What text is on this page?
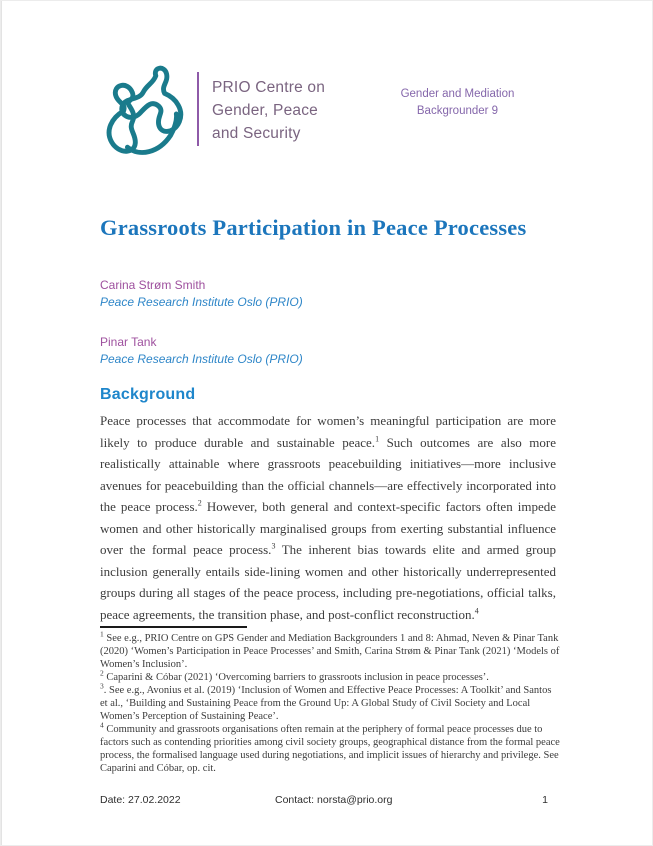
PRIO Centre on
Gender, Peace
and Security
Gender and Mediation
Backgrounder 9
Grassroots Participation in Peace Processes
Carina Strøm Smith
Peace Research Institute Oslo (PRIO)
Pinar Tank
Peace Research Institute Oslo (PRIO)
Background

Peace processes that accommodate for women’s meaningful participation are more likely to produce durable and sustainable peace.$^1$ Such outcomes are also more realistically attainable where grassroots peacebuilding initiatives—more inclusive avenues for peacebuilding than the official channels—are effectively incorporated into the peace process.$^2$ However, both general and context-specific factors often impede women and other historically marginalised groups from exerting substantial influence over the formal peace process.$^3$ The inherent bias towards elite and armed group inclusion generally entails side-lining women and other historically underrepresented groups during all stages of the peace process, including pre-negotiations, official talks, peace agreements, the transition phase, and post-conflict reconstruction.$^4$

$^1$ See e.g., PRIO Centre on GPS Gender and Mediation Backgrounders 1 and 8: Ahmad, Neven & Pinar Tank (2020) ‘Women’s Participation in Peace Processes’ and Smith, Carina Strøm & Pinar Tank (2021) ‘Models of Women’s Inclusion’.
$^2$ Caparini & Cóbar (2021) ‘Overcoming barriers to grassroots inclusion in peace processes’.
$^3$. See e.g., Avonius et al. (2019) ‘Inclusion of Women and Effective Peace Processes: A Toolkit’ and Santos et al., ‘Building and Sustaining Peace from the Ground Up: A Global Study of Civil Society and Local Women’s Perception of Sustaining Peace’.
$^4$ Community and grassroots organisations often remain at the periphery of formal peace processes due to factors such as contending priorities among civil society groups, geographical distance from the formal peace process, the formalised language used during negotiations, and implicit issues of hierarchy and privilege. See Caparini and Cóbar, op. cit.
Date: 27.02.2022	Contact: norsta@prio.org	1
